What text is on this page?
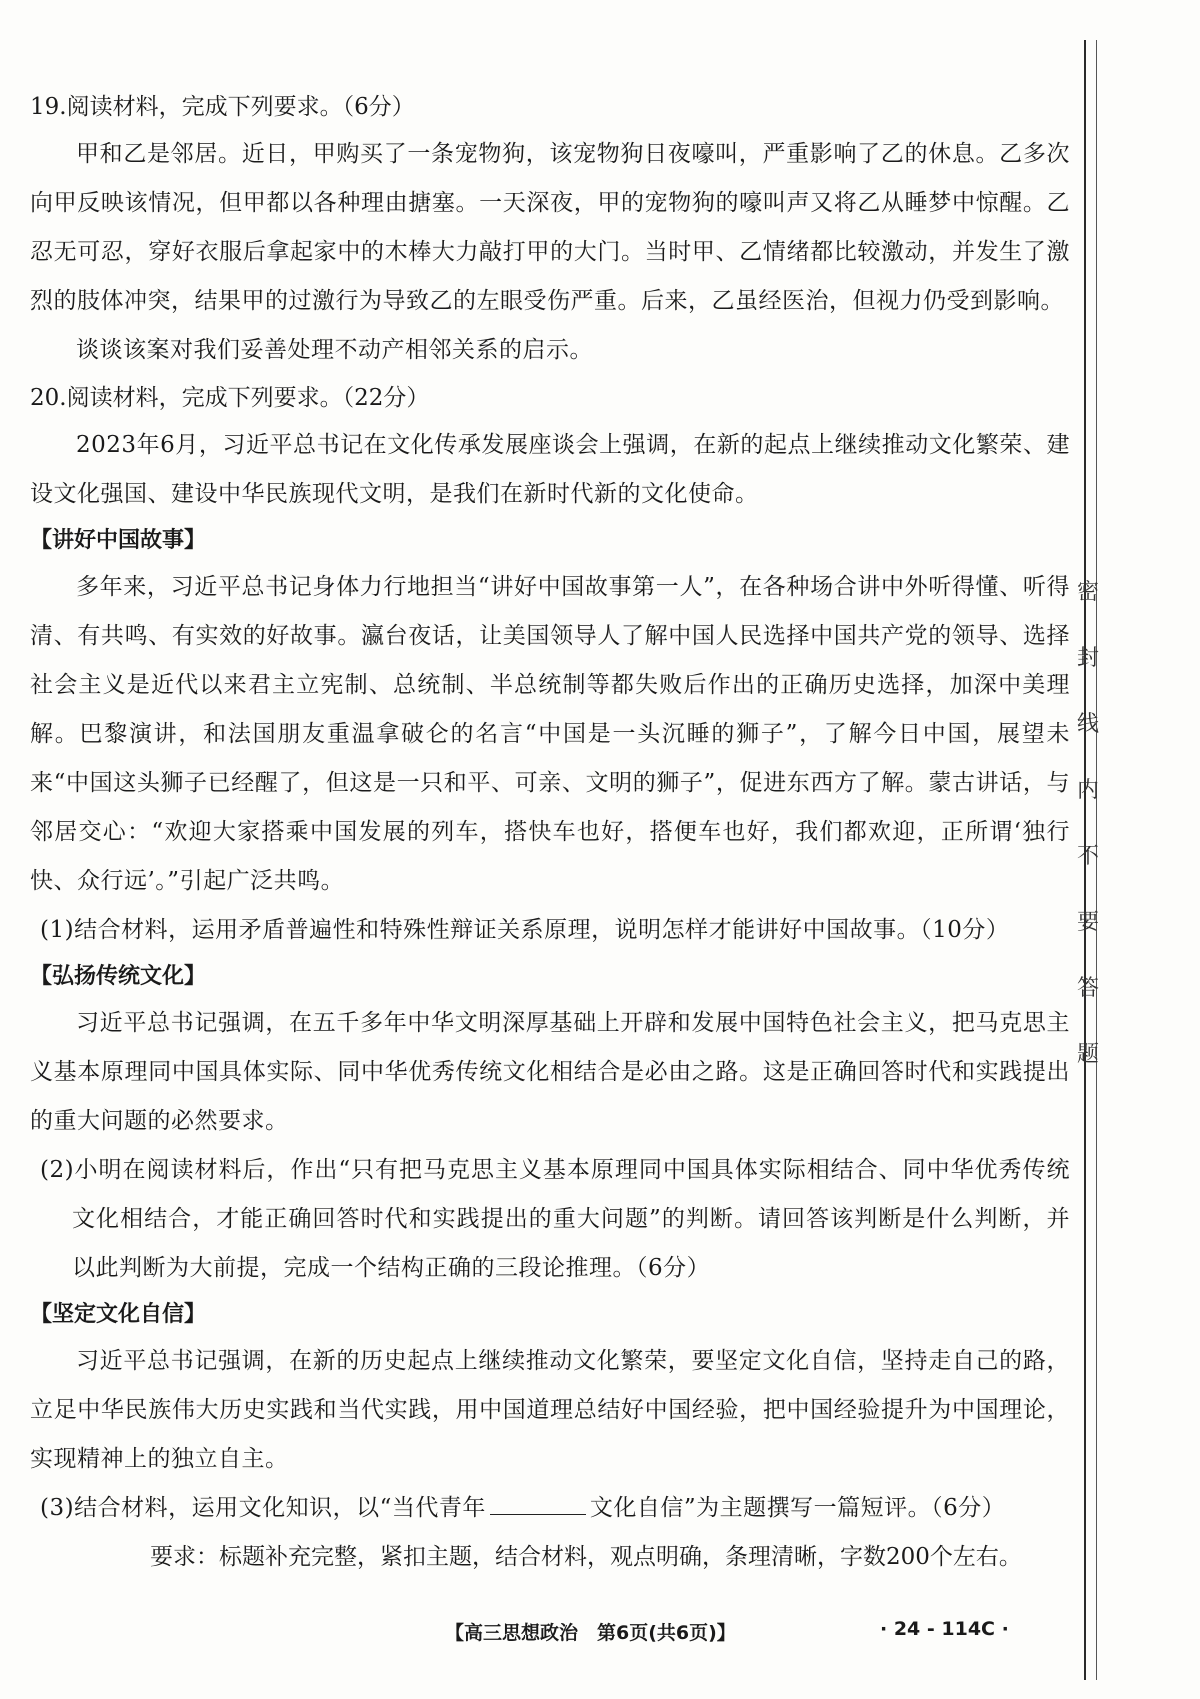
19.阅读材料，完成下列要求。（6分）

甲和乙是邻居。近日，甲购买了一条宠物狗，该宠物狗日夜嚎叫，严重影响了乙的休息。乙多次向甲反映该情况，但甲都以各种理由搪塞。一天深夜，甲的宠物狗的嚎叫声又将乙从睡梦中惊醒。乙忍无可忍，穿好衣服后拿起家中的木棒大力敲打甲的大门。当时甲、乙情绪都比较激动，并发生了激烈的肢体冲突，结果甲的过激行为导致乙的左眼受伤严重。后来，乙虽经医治，但视力仍受到影响。

谈谈该案对我们妥善处理不动产相邻关系的启示。

20.阅读材料，完成下列要求。（22分）

2023年6月，习近平总书记在文化传承发展座谈会上强调，在新的起点上继续推动文化繁荣、建设文化强国、建设中华民族现代文明，是我们在新时代新的文化使命。

【讲好中国故事】

多年来，习近平总书记身体力行地担当“讲好中国故事第一人”，在各种场合讲中外听得懂、听得清、有共鸣、有实效的好故事。瀛台夜话，让美国领导人了解中国人民选择中国共产党的领导、选择社会主义是近代以来君主立宪制、总统制、半总统制等都失败后作出的正确历史选择，加深中美理解。巴黎演讲，和法国朋友重温拿破仑的名言“中国是一头沉睡的狮子”，了解今日中国，展望未来“中国这头狮子已经醒了，但这是一只和平、可亲、文明的狮子”，促进东西方了解。蒙古讲话，与邻居交心：“欢迎大家搭乘中国发展的列车，搭快车也好，搭便车也好，我们都欢迎，正所谓‘独行快、众行远’。”引起广泛共鸣。

(1)结合材料，运用矛盾普遍性和特殊性辩证关系原理，说明怎样才能讲好中国故事。（10分）

【弘扬传统文化】

习近平总书记强调，在五千多年中华文明深厚基础上开辟和发展中国特色社会主义，把马克思主义基本原理同中国具体实际、同中华优秀传统文化相结合是必由之路。这是正确回答时代和实践提出的重大问题的必然要求。

(2)小明在阅读材料后，作出“只有把马克思主义基本原理同中国具体实际相结合、同中华优秀传统文化相结合，才能正确回答时代和实践提出的重大问题”的判断。请回答该判断是什么判断，并以此判断为大前提，完成一个结构正确的三段论推理。（6分）

【坚定文化自信】

习近平总书记强调，在新的历史起点上继续推动文化繁荣，要坚定文化自信，坚持走自己的路，立足中华民族伟大历史实践和当代实践，用中国道理总结好中国经验，把中国经验提升为中国理论，实现精神上的独立自主。

(3)结合材料，运用文化知识，以“当代青年	文化自信”为主题撰写一篇短评。（6分）

要求：标题补充完整，紧扣主题，结合材料，观点明确，条理清晰，字数200个左右。

密
封
线
内
不
要
答
题
【高三思想政治　第6页(共6页)】	· 24 - 114C ·
